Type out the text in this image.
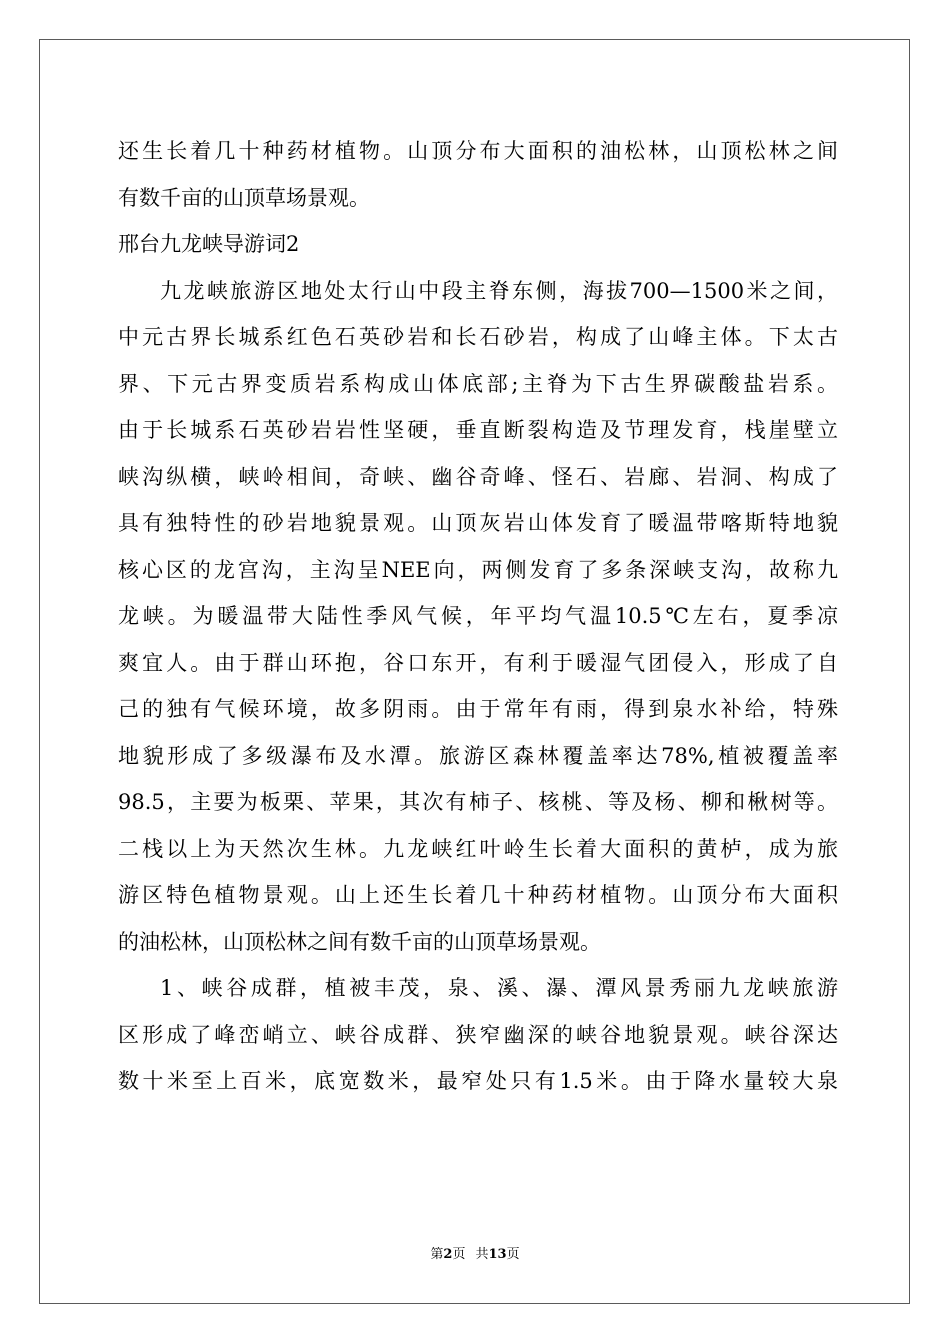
还生长着几十种药材植物。山顶分布大面积的油松林，山顶松林之间
有数千亩的山顶草场景观。
邢台九龙峡导游词2
九龙峡旅游区地处太行山中段主脊东侧，海拔700—1500米之间，
中元古界长城系红色石英砂岩和长石砂岩，构成了山峰主体。下太古
界、下元古界变质岩系构成山体底部;主脊为下古生界碳酸盐岩系。
由于长城系石英砂岩岩性坚硬，垂直断裂构造及节理发育，栈崖壁立
峡沟纵横，峡岭相间，奇峡、幽谷奇峰、怪石、岩廊、岩洞、构成了
具有独特性的砂岩地貌景观。山顶灰岩山体发育了暖温带喀斯特地貌
核心区的龙宫沟，主沟呈NEE向，两侧发育了多条深峡支沟，故称九
龙峡。为暖温带大陆性季风气候，年平均气温10.5℃左右，夏季凉
爽宜人。由于群山环抱，谷口东开，有利于暖湿气团侵入，形成了自
己的独有气候环境，故多阴雨。由于常年有雨，得到泉水补给，特殊
地貌形成了多级瀑布及水潭。旅游区森林覆盖率达78%,植被覆盖率
98.5，主要为板栗、苹果，其次有柿子、核桃、等及杨、柳和楸树等。
二栈以上为天然次生林。九龙峡红叶岭生长着大面积的黄栌，成为旅
游区特色植物景观。山上还生长着几十种药材植物。山顶分布大面积
的油松林，山顶松林之间有数千亩的山顶草场景观。
1、峡谷成群，植被丰茂，泉、溪、瀑、潭风景秀丽九龙峡旅游
区形成了峰峦峭立、峡谷成群、狭窄幽深的峡谷地貌景观。峡谷深达
数十米至上百米，底宽数米，最窄处只有1.5米。由于降水量较大泉
第2页 共13页
